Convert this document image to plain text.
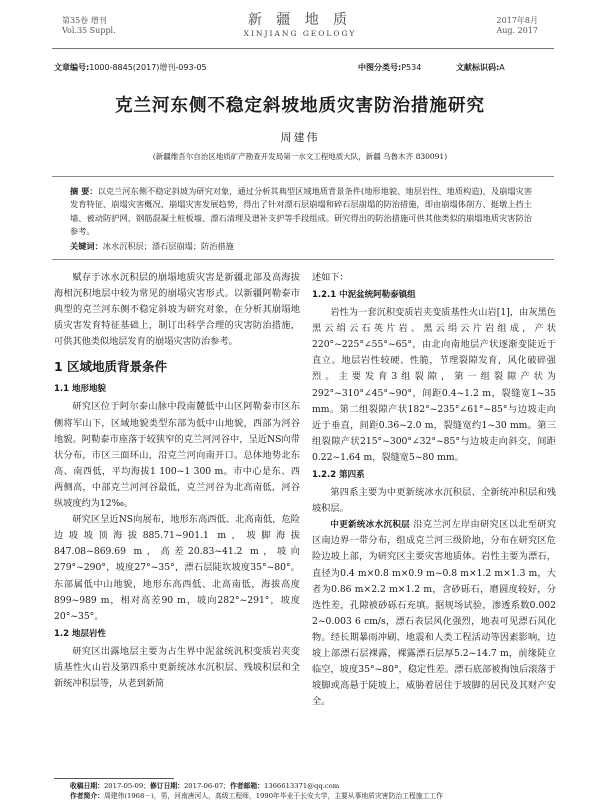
第35卷 增刊
Vol.35 Suppl.
新 疆 地 质
XINJIANG GEOLOGY
2017年8月
Aug. 2017
文章编号:1000-8845(2017)增刊-093-05	中图分类号:P534	文献标识码:A
克兰河东侧不稳定斜坡地质灾害防治措施研究
周建伟
(新疆维吾尔自治区地质矿产勘查开发局第一水文工程地质大队，新疆 乌鲁木齐 830091)
摘 要：以克兰河东侧不稳定斜坡为研究对象，通过分析其典型区域地质背景条件(地形地貌、地层岩性、地质构造)，及崩塌灾害发育特征、崩塌灾害概况、崩塌灾害发展趋势，得出了针对漂石层崩塌和碎石层崩塌的防治措施，即由崩塌体削方、挺墩上挡土墙、被动防护网、钢筋混凝土桩板墙、漂石清理及谱补支护等手段组成。研究得出的防治措施可供其他类似的崩塌地质灾害防治参考。
关键词：冰水沉积层；漂石层崩塌；防治措施

赋存于冰水沉积层的崩塌地质灾害是新疆北部及高海拔海相沉积地层中较为常见的崩塌灾害形式。以新疆阿勒泰市典型的克兰河东侧不稳定斜坡为研究对象，在分析其崩塌地质灾害发育特征基础上，制订出科学合理的灾害防治措施，可供其他类似地层发育的崩塌灾害防治参考。

1 区域地质背景条件
1.1 地形地貌

研究区位于阿尔泰山脉中段南麓低中山区阿勒泰市区东侧将军山下，区域地貌类型东部为低中山地貌，西部为河谷地貌。阿勒泰市座落于较狭窄的克兰河河谷中，呈近NS向带状分布，市区三面环山，沿克兰河向南开口。总体地势北东高、南西低，平均海拔1 100~1 300 m。市中心是东、西两侧高，中部克兰河河谷最低，克兰河谷为北高南低，河谷纵坡度约为12‰。

研究区呈近NS向展布，地形东高西低、北高南低，危险边坡坡顶海拔885.71~901.1 m，坡脚海拔847.08~869.69 m，高差20.83~41.2 m，坡向279°~290°，坡度27°~35°，漂石层陡坎坡度35°~80°。东部属低中山地貌，地形东高西低、北高南低，海拔高度899~989 m，相对高差90 m，坡向282°~291°，坡度20°~35°。

1.2 地层岩性

研究区出露地层主要为占生界中泥盆统汎积变质岩夹变质基性火山岩及第四系中更新统冰水沉积层、残坡积层和全新统冲积层等，从老到新简

述如下：

1.2.1 中泥盆统阿勒泰镇组

岩性为一套沉积变质岩夹变质基性火山岩[1]，由灰黑色黑云绢云石英片岩、黑云绢云片岩组成，产状220°~225°∠55°~65°，由北向南地层产状逐渐变陡近于直立。地层岩性较硬、性脆，节理裂隙发育，风化破碎强烈。主要发育3组裂隙，第一组裂隙产状为292°~310°∠45°~90°，间距0.4~1.2 m，裂缝宽1~35 mm。第二组裂隙产状182°~235°∠61°~85°与边坡走向近于垂直，间距0.36~2.0 m，裂缝宽约1~30 mm。第三组裂隙产状215°~300°∠32°~85°与边坡走向斜交，间距0.22~1.64 m，裂缝宽5~80 mm。

1.2.2 第四系

第四系主要为中更新统冰水沉积层、全新统冲积层和残坡积层。

中更新统冰水沉积层 沿克兰河左岸由研究区以北至研究区南边界一带分布，组成克兰河三级阶地，分布在研究区危险边坡上部，为研究区主要灾害地质体。岩性主要为漂石，直径为0.4 m×0.8 m×0.9 m~0.8 m×1.2 m×1.3 m，大者为0.86 m×2.2 m×1.2 m，含砂砾石，磨圆度较好，分选性差，孔隙被砂砾石充填。据规场试验，渗透系数0.002 2~0.003 6 cm/s，漂石表层风化强烈，地表可见漂石风化物。经长期暴雨冲刷、地震和人类工程活动等因素影响，边坡上部漂石层裸露，裸露漂石层厚5.2~14.7 m，前缘陡立临空，坡度35°~80°，稳定性差。漂石底部被掏蚀后滚落于坡脚或高悬于陡坡上，威胁着居住于坡脚的居民及其财产安全。

收稿日期：2017-05-09；修订日期：2017-06-07；作者邮箱：1366613371@qq.com
作者简介：周建伟(1968－)，男，河南唐河人，高级工程师，1990年毕业于长安大学，主要从事地质灾害防治工程施工工作
